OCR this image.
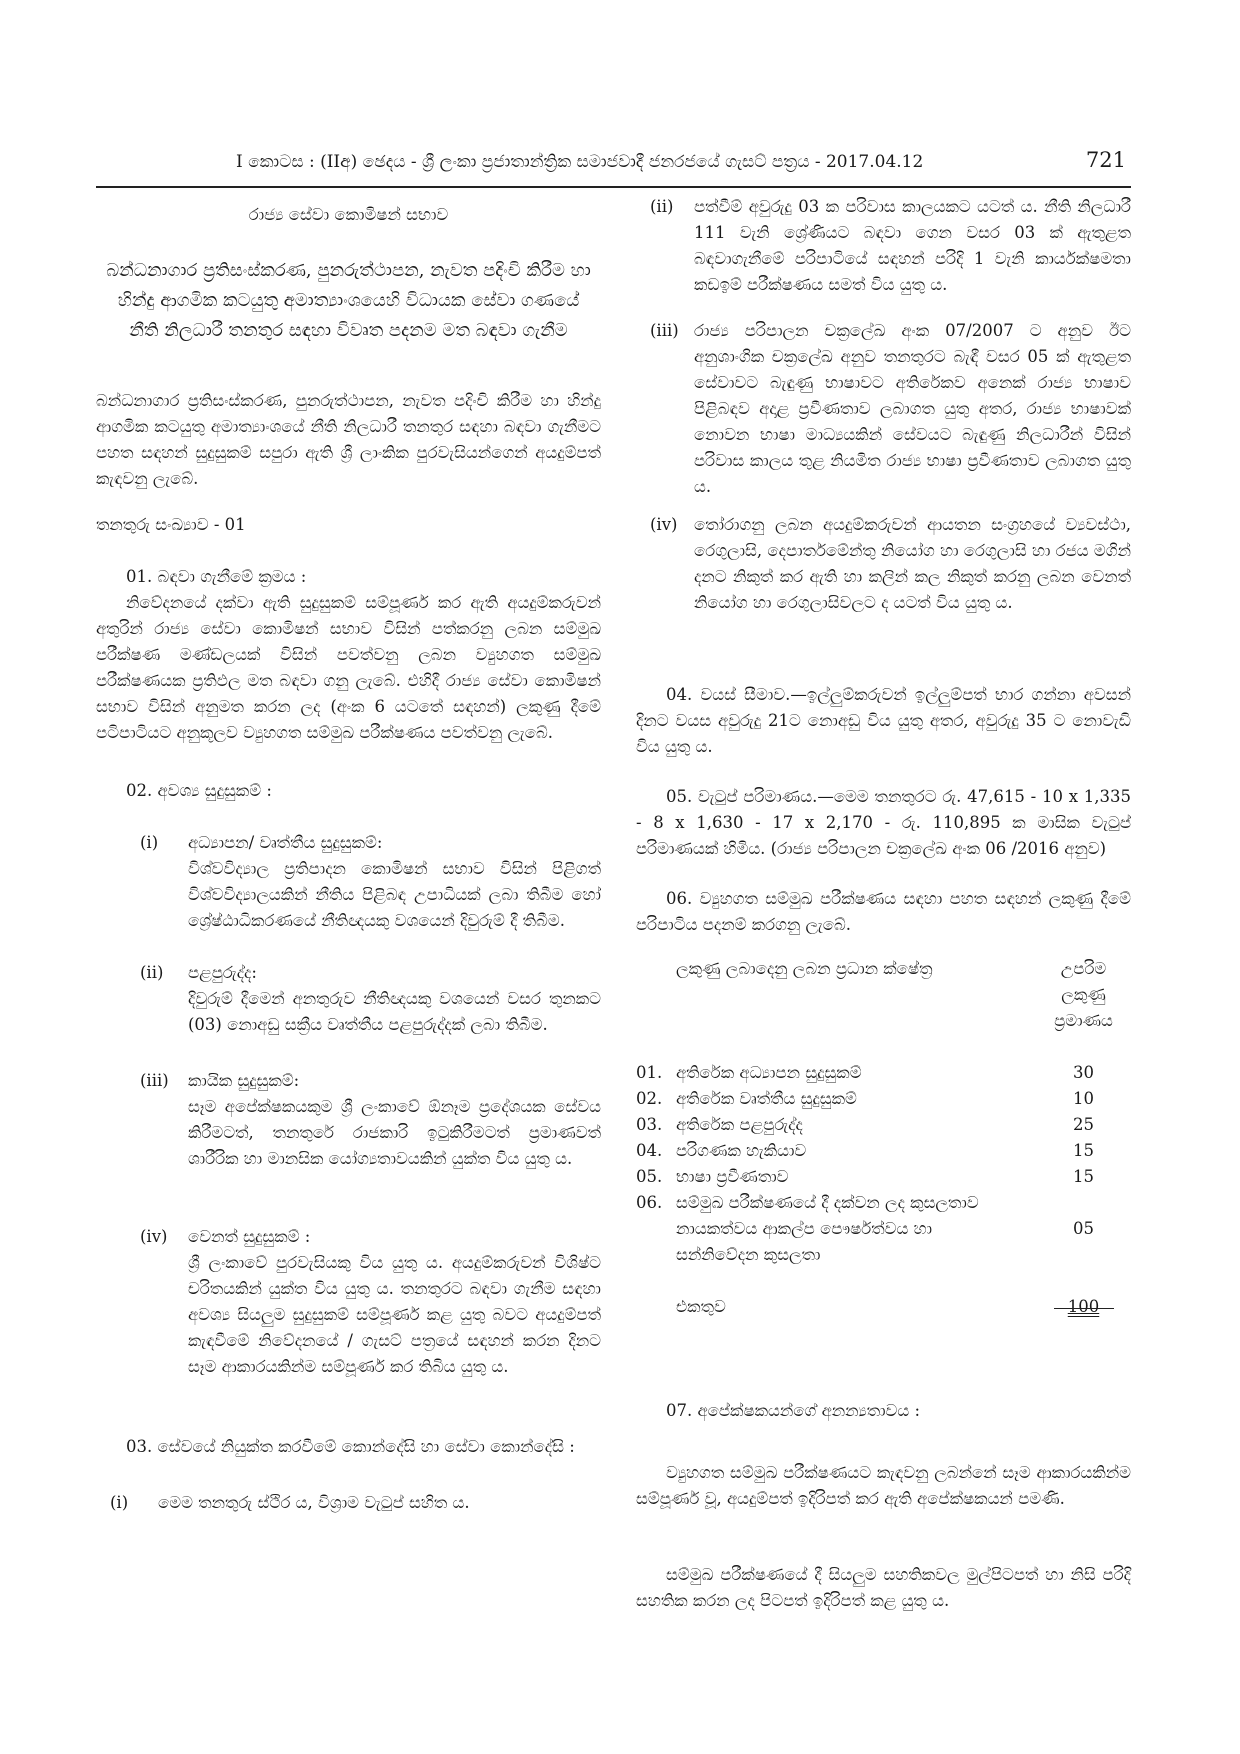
I කොටස : (IIඅ) ඡෙදය - ශ්‍රී ලංකා ප්‍රජාතාන්ත්‍රික සමාජවාදී ජනරජයේ ගැසට් පත්‍රය - 2017.04.12	721

රාජ්‍ය සේවා කොමිෂන් සභාව

බන්ධනාගාර ප්‍රතිසංස්කරණ, පුනරුත්ථාපන, නැවත පදිංචි කිරීම හා හින්දු ආගමික කටයුතු අමාත්‍යාංශයෙහි විධායක සේවා ගණයේ නීති නිලධාරී තනතුර සඳහා විවෘත පදනම මත බඳවා ගැනීම

බන්ධනාගාර ප්‍රතිසංස්කරණ, පුනරුත්ථාපන, නැවත පදිංචි කිරීම හා හින්දු ආගමික කටයුතු අමාත්‍යාංශයේ නීති නිලධාරී තනතුර සඳහා බඳවා ගැනීමට පහත සඳහන් සුදුසුකම් සපුරා ඇති ශ්‍රී ලාංකික පුරවැසියන්ගෙන් අයදුම්පත් කැඳවනු ලැබේ.

තනතුරු සංඛ්‍යාව - 01

01. බඳවා ගැනීමේ ක්‍රමය :

නිවේදනයේ දක්වා ඇති සුදුසුකම් සම්පූර්ණ කර ඇති අයදුම්කරුවන් අතුරින් රාජ්‍ය සේවා කොමිෂන් සභාව විසින් පත්කරනු ලබන සම්මුඛ පරීක්ෂණ මණ්ඩලයක් විසින් පවත්වනු ලබන ව්‍යුහගත සම්මුඛ පරීක්ෂණයක ප්‍රතිඵල මත බඳවා ගනු ලැබේ. එහිදී රාජ්‍ය සේවා කොමිෂන් සභාව විසින් අනුමත කරන ලද (අංක 6 යටතේ සඳහන්) ලකුණු දීමේ පටිපාටියට අනුකූලව ව්‍යුහගත සම්මුඛ පරීක්ෂණය පවත්වනු ලැබේ.

02. අවශ්‍ය සුදුසුකම් :

(i) අධ්‍යාපන/ වෘත්තීය සුදුසුකම්:

විශ්වවිද්‍යාල ප්‍රතිපාදන කොමිෂන් සභාව විසින් පිළිගත් විශ්වවිද්‍යාලයකින් නීතිය පිළිබඳ උපාධියක් ලබා තිබීම හෝ ශ්‍රේෂ්ඨාධිකරණයේ නීතිඥයකු වශයෙන් දිවුරුම් දී තිබීම.

(ii) පළපුරුද්ද:

දිවුරුම් දීමෙන් අනතුරුව නීතිඥයකු වශයෙන් වසර තුනකට (03) නොඅඩු සක්‍රීය වෘත්තීය පළපුරුද්දක් ලබා තිබීම.

(iii) කායික සුදුසුකම්:

සෑම අපේක්ෂකයකුම ශ්‍රී ලංකාවේ ඕනෑම ප්‍රදේශයක සේවය කිරීමටත්, තනතුරේ රාජකාරි ඉටුකිරීමටත් ප්‍රමාණවත් ශාරීරික හා මානසික යෝග්‍යතාවයකින් යුක්ත විය යුතු ය.

(iv) වෙනත් සුදුසුකම් :

ශ්‍රී ලංකාවේ පුරවැසියකු විය යුතු ය. අයදුම්කරුවන් විශිෂ්ට චරිතයකින් යුක්ත විය යුතු ය. තනතුරට බඳවා ගැනීම සඳහා අවශ්‍ය සියලුම සුදුසුකම් සම්පූර්ණ කළ යුතු බවට අයදුම්පත් කැඳවීමේ නිවේදනයේ / ගැසට් පත්‍රයේ සඳහන් කරන දිනට සෑම ආකාරයකින්ම සම්පූර්ණ කර තිබිය යුතු ය.

03. සේවයේ නියුක්ත කරවීමේ කොන්දේසි හා සේවා කොන්දේසි :

(i) මෙම තනතුරු ස්ථිර ය, විශ්‍රාම වැටුප් සහිත ය.
(ii) පත්වීම් අවුරුදු 03 ක පරිවාස කාලයකට යටත් ය. නීති නිලධාරී 111 වැනි ශ්‍රේණියට බඳවා ගෙන වසර 03 ක් ඇතුළත බඳවාගැනීමේ පරිපාටියේ සඳහන් පරිදි 1 වැනි කාර්යක්ෂමතා කඩඉම් පරීක්ෂණය සමත් විය යුතු ය.
(iii) රාජ්‍ය පරිපාලන චක්‍රලේඛ අංක 07/2007 ට අනුව ඊට අනුශාංගික චක්‍රලේඛ අනුව තනතුරට බැඳී වසර 05 ක් ඇතුළත සේවාවට බැඳුණු භාෂාවට අතිරේකව අනෙක් රාජ්‍ය භාෂාව පිළිබඳව අදාළ ප්‍රවීණතාව ලබාගත යුතු අතර, රාජ්‍ය භාෂාවක් නොවන භාෂා මාධ්‍යයකින් සේවයට බැඳුණු නිලධාරීන් විසින් පරිවාස කාලය තුළ නියමිත රාජ්‍ය භාෂා ප්‍රවීණතාව ලබාගත යුතු ය.
(iv) තෝරාගනු ලබන අයදුම්කරුවන් ආයතන සංග්‍රහයේ ව්‍යවස්ථා, රෙගුලාසි, දෙපාර්තමේන්තු නියෝග හා රෙගුලාසි හා රජය මගින් දනට නිකුත් කර ඇති හා කලින් කල නිකුත් කරනු ලබන වෙනත් නියෝග හා රෙගුලාසිවලට ද යටත් විය යුතු ය.

04. වයස් සීමාව.—ඉල්ලුම්කරුවන් ඉල්ලුම්පත් භාර ගන්නා අවසන් දිනට වයස අවුරුදු 21ට නොඅඩු විය යුතු අතර, අවුරුදු 35 ට නොවැඩි විය යුතු ය.

05. වැටුප් පරිමාණය.—මෙම තනතුරට රු. 47,615 - 10 x 1,335 - 8 x 1,630 - 17 x 2,170 - රු. 110,895 ක මාසික වැටුප් පරිමාණයක් හිමිය. (රාජ්‍ය පරිපාලන චක්‍රලේඛ අංක 06 /2016 අනුව)

06. ව්‍යුහගත සම්මුඛ පරීක්ෂණය සඳහා පහත සඳහන් ලකුණු දීමේ පරිපාටිය පදනම් කරගනු ලැබේ.

	ලකුණු ලබාදෙනු ලබන ප්‍රධාන ක්ෂේත්‍ර	උපරිම ලකුණු ප්‍රමාණය

01.	අතිරේක අධ්‍යාපන සුදුසුකම්	30
02.	අතිරේක වෘත්තීය සුදුසුකම්	10
03.	අතිරේක පළපුරුද්ද	25
04.	පරිගණක හැකියාව	15
05.	භාෂා ප්‍රවීණතාව	15
06.	සම්මුඛ පරීක්ෂණයේ දී දක්වන ලද කුසලතාව නායකත්වය ආකල්ප පෞර්ෂත්වය හා සන්නිවේදන කුසලතා	05

	එකතුව	100

07. අපේක්ෂකයන්ගේ අනන්‍යතාවය :

ව්‍යුහගත සම්මුඛ පරීක්ෂණයට කැඳවනු ලබන්නේ සෑම ආකාරයකින්ම සම්පූර්ණ වූ, අයදුම්පත් ඉදිරිපත් කර ඇති අපේක්ෂකයන් පමණි.

සම්මුඛ පරීක්ෂණයේ දී සියලුම සහතිකවල මුල්පිටපත් හා නිසි පරිදි සහතික කරන ලද පිටපත් ඉදිරිපත් කළ යුතු ය.
